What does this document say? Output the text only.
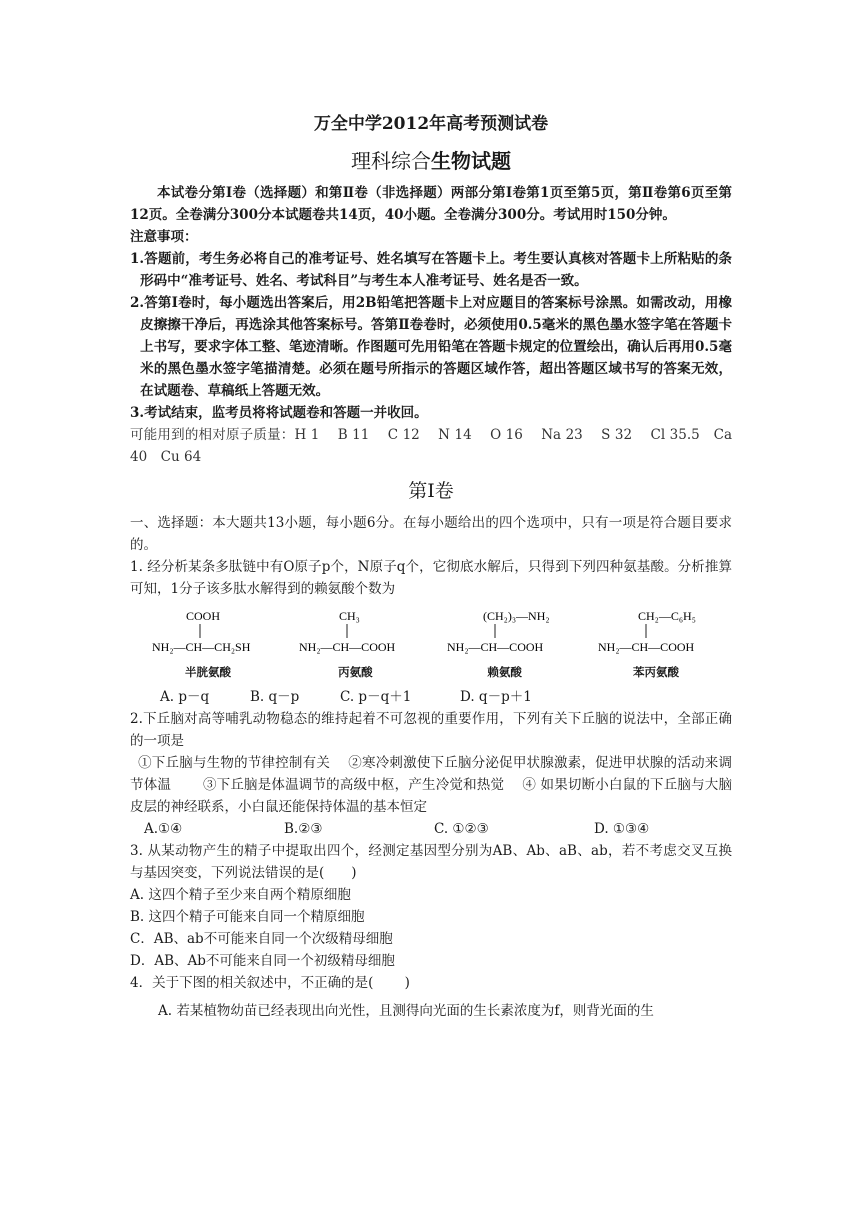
万全中学2012年高考预测试卷

理科综合生物试题

本试卷分第Ⅰ卷（选择题）和第Ⅱ卷（非选择题）两部分第Ⅰ卷第1页至第5页，第Ⅱ卷第6页至第12页。全卷满分300分本试题卷共14页，40小题。全卷满分300分。考试用时150分钟。

注意事项：

1.答题前，考生务必将自己的准考证号、姓名填写在答题卡上。考生要认真核对答题卡上所粘贴的条形码中“准考证号、姓名、考试科目”与考生本人准考证号、姓名是否一致。

2.答第Ⅰ卷时，每小题选出答案后，用2B铅笔把答题卡上对应题目的答案标号涂黑。如需改动，用橡皮擦擦干净后，再选涂其他答案标号。答第Ⅱ卷卷时，必须使用0.5毫米的黑色墨水签字笔在答题卡上书写，要求字体工整、笔迹清晰。作图题可先用铅笔在答题卡规定的位置绘出，确认后再用0.5毫米的黑色墨水签字笔描清楚。必须在题号所指示的答题区域作答，超出答题区域书写的答案无效，在试题卷、草稿纸上答题无效。

3.考试结束，监考员将将试题卷和答题一并收回。

可能用到的相对原子质量：H 1　 B 11　 C 12　 N 14　 O 16　 Na 23　 S 32　 Cl 35.5　Ca 40　Cu 64

第Ⅰ卷

一、选择题：本大题共13小题，每小题6分。在每小题给出的四个选项中，只有一项是符合题目要求的。

1. 经分析某条多肽链中有O原子p个，N原子q个，它彻底水解后，只得到下列四种氨基酸。分析推算可知，1分子该多肽水解得到的赖氨酸个数为

COOH
NH₂—CH—CH₂SH
半胱氨酸
CH₃
NH₂—CH—COOH
丙氨酸
(CH₂)₃—NH₂
NH₂—CH—COOH
赖氨酸
CH₂—C₆H₅
NH₂—CH—COOH
苯丙氨酸
A. p－q	B. q－p	C. p－q＋1	D. q－p＋1

2.下丘脑对高等哺乳动物稳态的维持起着不可忽视的重要作用，下列有关下丘脑的说法中，全部正确的一项是

①下丘脑与生物的节律控制有关　 ②寒冷刺激使下丘脑分泌促甲状腺激素，促进甲状腺的活动来调节体温　　 ③下丘脑是体温调节的高级中枢，产生冷觉和热觉　 ④ 如果切断小白鼠的下丘脑与大脑皮层的神经联系，小白鼠还能保持体温的基本恒定

A.①④	B.②③	C. ①②③	D. ①③④

3. 从某动物产生的精子中提取出四个，经测定基因型分别为AB、Ab、aB、ab，若不考虑交叉互换与基因突变，下列说法错误的是(　　)

A. 这四个精子至少来自两个精原细胞

B. 这四个精子可能来自同一个精原细胞

C．AB、ab不可能来自同一个次级精母细胞

D．AB、Ab不可能来自同一个初级精母细胞

4．关于下图的相关叙述中，不正确的是(　　 )

A. 若某植物幼苗已经表现出向光性，且测得向光面的生长素浓度为f，则背光面的生
